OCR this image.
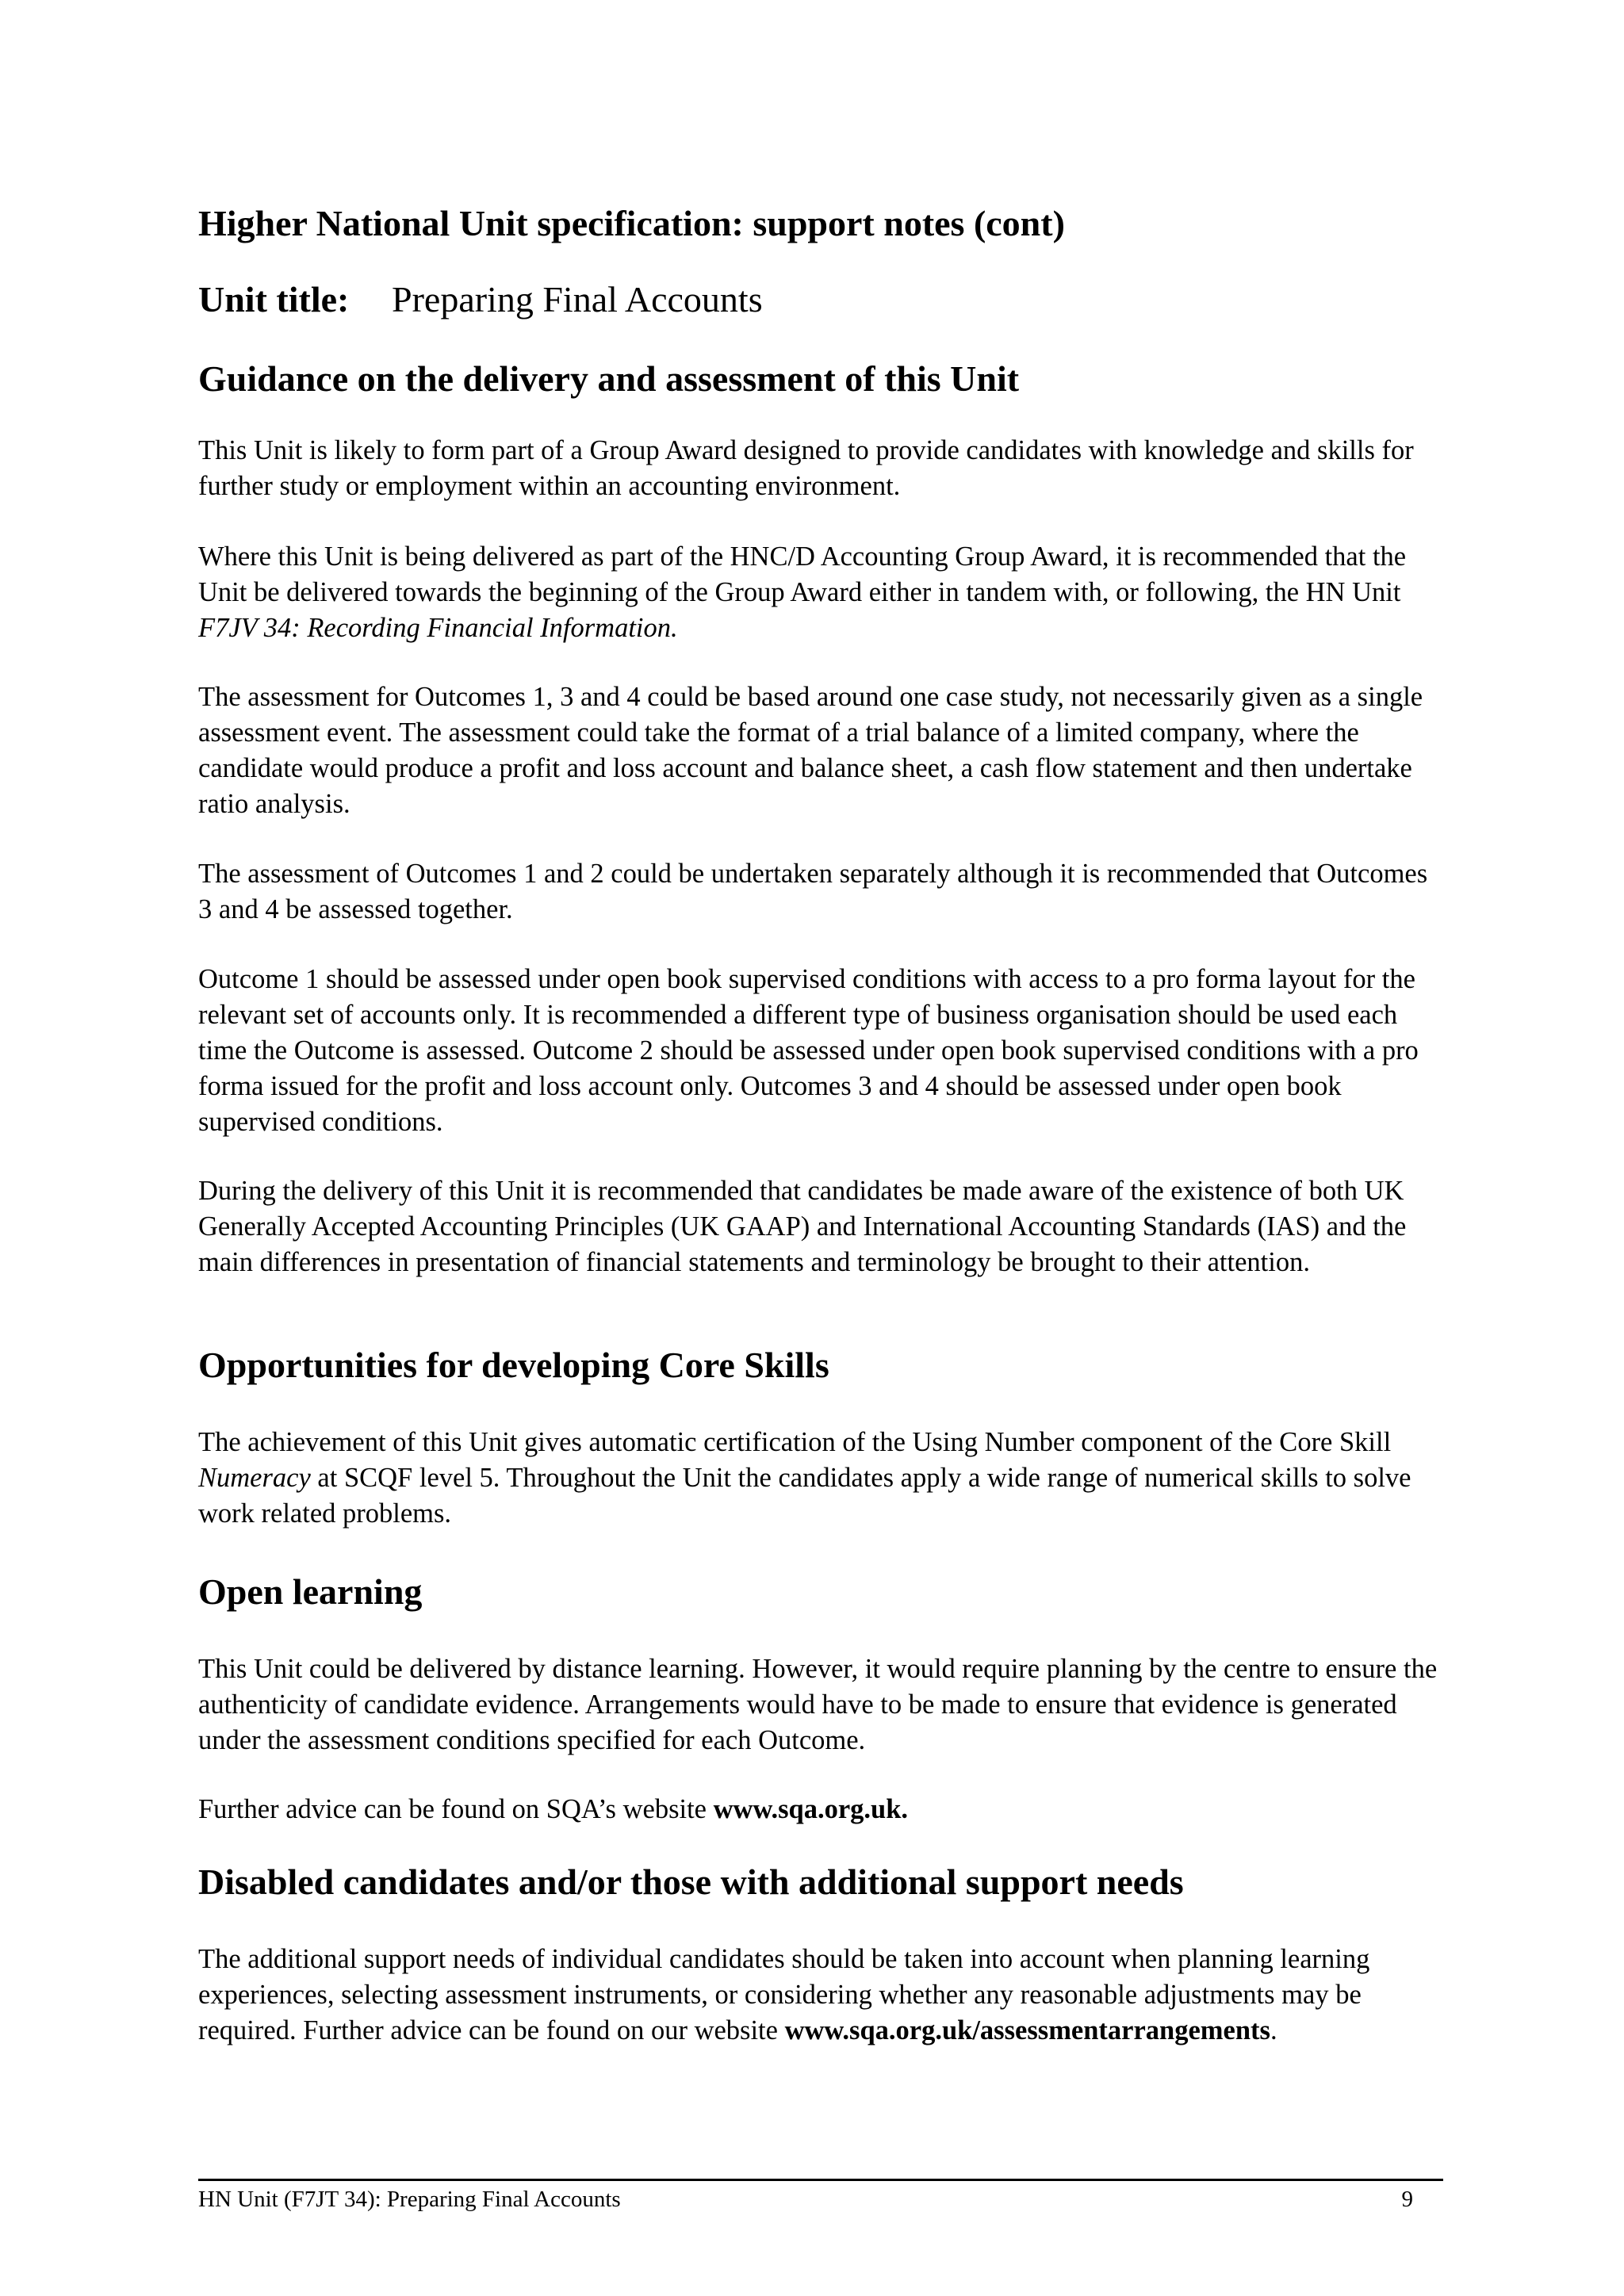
Higher National Unit specification: support notes (cont)
Unit title: Preparing Final Accounts
Guidance on the delivery and assessment of this Unit

This Unit is likely to form part of a Group Award designed to provide candidates with knowledge and skills for further study or employment within an accounting environment.

Where this Unit is being delivered as part of the HNC/D Accounting Group Award, it is recommended that the Unit be delivered towards the beginning of the Group Award either in tandem with, or following, the HN Unit F7JV 34: Recording Financial Information.

The assessment for Outcomes 1, 3 and 4 could be based around one case study, not necessarily given as a single assessment event. The assessment could take the format of a trial balance of a limited company, where the candidate would produce a profit and loss account and balance sheet, a cash flow statement and then undertake ratio analysis.

The assessment of Outcomes 1 and 2 could be undertaken separately although it is recommended that Outcomes 3 and 4 be assessed together.

Outcome 1 should be assessed under open book supervised conditions with access to a pro forma layout for the relevant set of accounts only. It is recommended a different type of business organisation should be used each time the Outcome is assessed. Outcome 2 should be assessed under open book supervised conditions with a pro forma issued for the profit and loss account only. Outcomes 3 and 4 should be assessed under open book supervised conditions.

During the delivery of this Unit it is recommended that candidates be made aware of the existence of both UK Generally Accepted Accounting Principles (UK GAAP) and International Accounting Standards (IAS) and the main differences in presentation of financial statements and terminology be brought to their attention.

Opportunities for developing Core Skills

The achievement of this Unit gives automatic certification of the Using Number component of the Core Skill Numeracy at SCQF level 5. Throughout the Unit the candidates apply a wide range of numerical skills to solve work related problems.

Open learning

This Unit could be delivered by distance learning. However, it would require planning by the centre to ensure the authenticity of candidate evidence. Arrangements would have to be made to ensure that evidence is generated under the assessment conditions specified for each Outcome.

Further advice can be found on SQA’s website www.sqa.org.uk.

Disabled candidates and/or those with additional support needs

The additional support needs of individual candidates should be taken into account when planning learning experiences, selecting assessment instruments, or considering whether any reasonable adjustments may be required. Further advice can be found on our website www.sqa.org.uk/assessmentarrangements.

HN Unit (F7JT 34): Preparing Final Accounts	9
